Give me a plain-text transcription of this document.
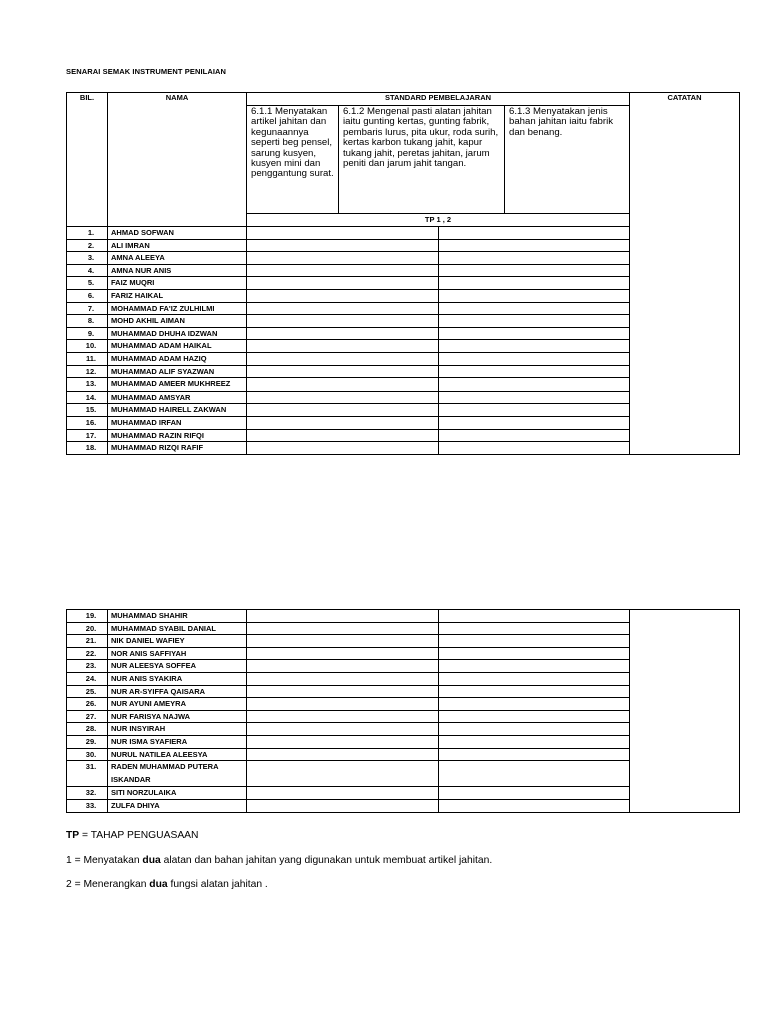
SENARAI SEMAK INSTRUMENT PENILAIAN
BIL.	NAMA	STANDARD PEMBELAJARAN				CATATAN
		6.1.1 Menyatakan artikel jahitan dan kegunaannya seperti beg pensel, sarung kusyen, kusyen mini dan penggantung surat.	6.1.2 Mengenal pasti alatan jahitan iaitu gunting kertas, gunting fabrik, pembaris lurus, pita ukur, roda surih, kertas karbon tukang jahit, kapur tukang jahit, peretas jahitan, jarum peniti dan jarum jahit tangan.		6.1.3 Menyatakan jenis bahan jahitan iaitu fabrik dan benang.	
		TP 1 , 2				
1.	AHMAD SOFWAN					
2.	ALI IMRAN					
3.	AMNA ALEEYA					
4.	AMNA NUR ANIS					
5.	FAIZ MUQRI					
6.	FARIZ HAIKAL					
7.	MOHAMMAD FA'IZ ZULHILMI					
8.	MOHD AKHIL AIMAN					
9.	MUHAMMAD DHUHA IDZWAN					
10.	MUHAMMAD ADAM HAIKAL					
11.	MUHAMMAD ADAM HAZIQ					
12.	MUHAMMAD ALIF SYAZWAN					
13.	MUHAMMAD AMEER MUKHREEZ					
14.	MUHAMMAD AMSYAR					
15.	MUHAMMAD HAIRELL ZAKWAN					
16.	MUHAMMAD IRFAN					
17.	MUHAMMAD RAZIN RIFQI					
18.	MUHAMMAD RIZQI RAFIF					
19.	MUHAMMAD SHAHIR			
20.	MUHAMMAD SYABIL DANIAL			
21.	NIK DANIEL WAFIEY			
22.	NOR ANIS SAFFIYAH			
23.	NUR ALEESYA SOFFEA			
24.	NUR ANIS SYAKIRA			
25.	NUR AR-SYIFFA QAISARA			
26.	NUR AYUNI AMEYRA			
27.	NUR FARISYA NAJWA			
28.	NUR INSYIRAH			
29.	NUR ISMA SYAFIERA			
30.	NURUL NATILEA ALEESYA			
31.	RADEN MUHAMMAD PUTERA ISKANDAR			
32.	SITI NORZULAIKA			
33.	ZULFA DHIYA			
TP = TAHAP PENGUASAAN
1 = Menyatakan dua alatan dan bahan jahitan yang digunakan untuk membuat artikel jahitan.
2 = Menerangkan dua fungsi alatan jahitan .
